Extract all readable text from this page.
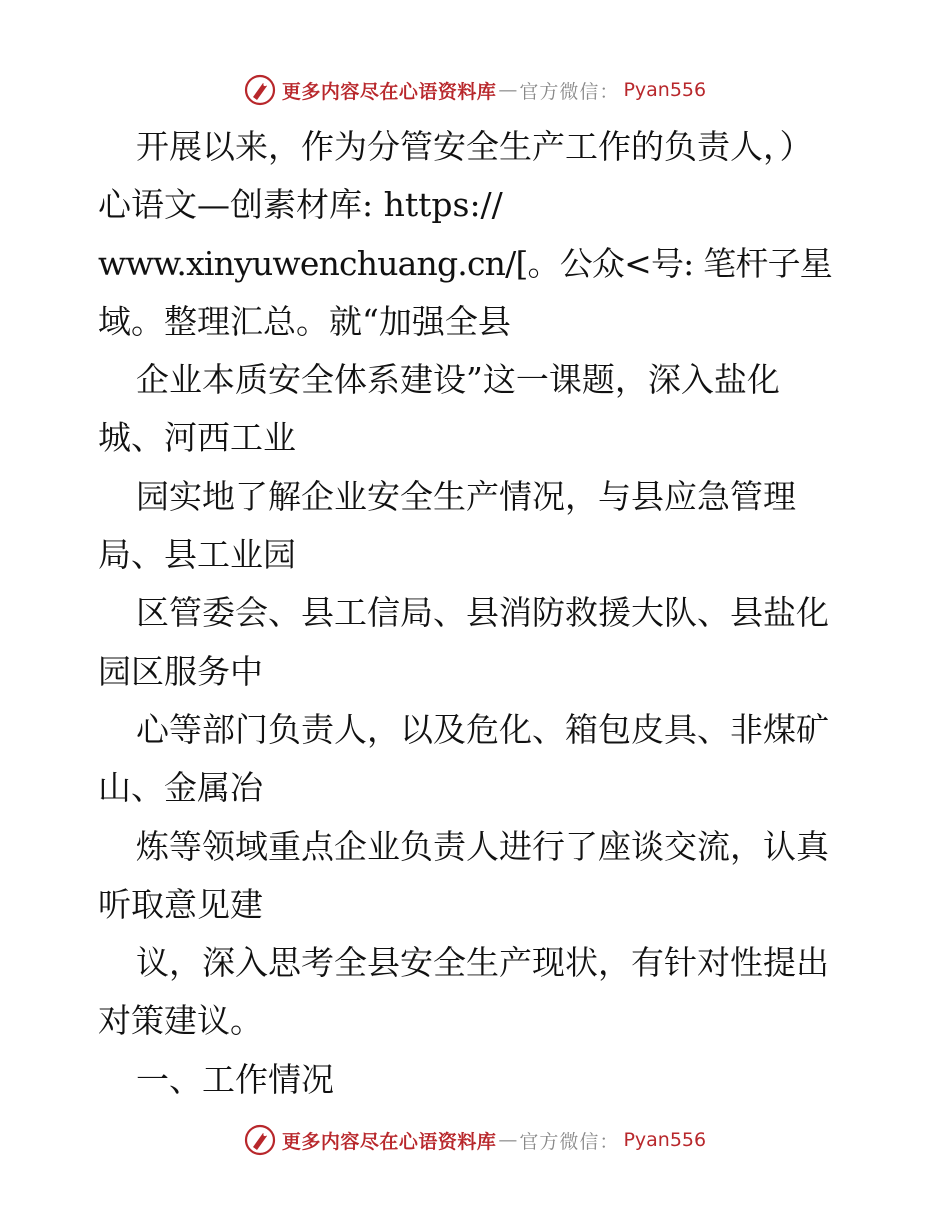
更多内容尽在心语资料库 — 官方微信： Pyan556
开展以来，作为分管安全生产工作的负责人，）
心语文—创素材库: https://
www.xinyuwenchuang.cn/[。公众<号: 笔杆子星
域。整理汇总。就“加强全县
企业本质安全体系建设”这一课题，深入盐化
城、河西工业
园实地了解企业安全生产情况，与县应急管理
局、县工业园
区管委会、县工信局、县消防救援大队、县盐化
园区服务中
心等部门负责人，以及危化、箱包皮具、非煤矿
山、金属冶
炼等领域重点企业负责人进行了座谈交流，认真
听取意见建
议，深入思考全县安全生产现状，有针对性提出
对策建议。
一、工作情况
更多内容尽在心语资料库 — 官方微信： Pyan556
